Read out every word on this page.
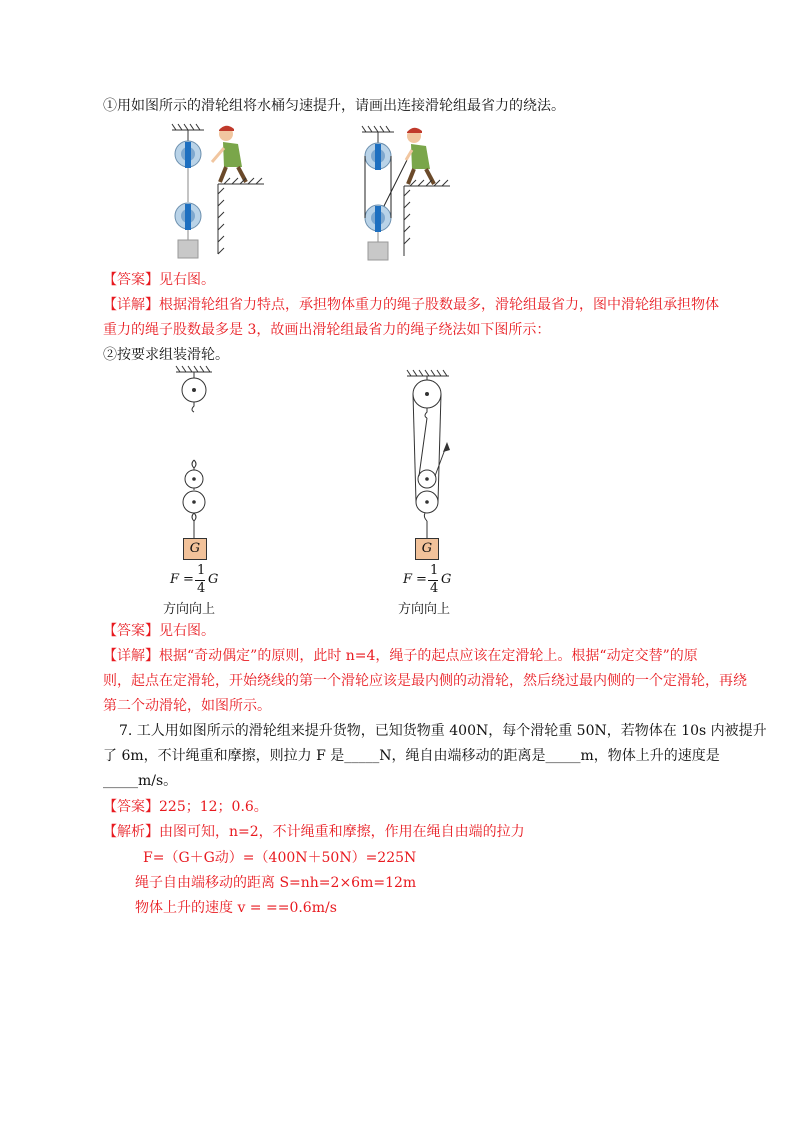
①用如图所示的滑轮组将水桶匀速提升，请画出连接滑轮组最省力的绕法。
【答案】见右图。
【详解】根据滑轮组省力特点，承担物体重力的绳子股数最多，滑轮组最省力，图中滑轮组承担物体
重力的绳子股数最多是 3，故画出滑轮组最省力的绳子绕法如下图所示：
②按要求组装滑轮。
G
F =
1
4
G
方向向上
G
F =
1
4
G
方向向上
【答案】见右图。
【详解】根据“奇动偶定”的原则，此时 n=4，绳子的起点应该在定滑轮上。根据“动定交替”的原
则，起点在定滑轮，开始绕线的第一个滑轮应该是最内侧的动滑轮，然后绕过最内侧的一个定滑轮，再绕
第二个动滑轮，如图所示。
7. 工人用如图所示的滑轮组来提升货物，已知货物重 400N，每个滑轮重 50N，若物体在 10s 内被提升
了 6m，不计绳重和摩擦，则拉力 F 是_____N，绳自由端移动的距离是_____m，物体上升的速度是
_____m/s。
【答案】225；12；0.6。
【解析】由图可知，n=2，不计绳重和摩擦，作用在绳自由端的拉力
F=（G＋G动）=（400N＋50N）=225N
绳子自由端移动的距离 S=nh=2×6m=12m
物体上升的速度 v = ==0.6m/s
